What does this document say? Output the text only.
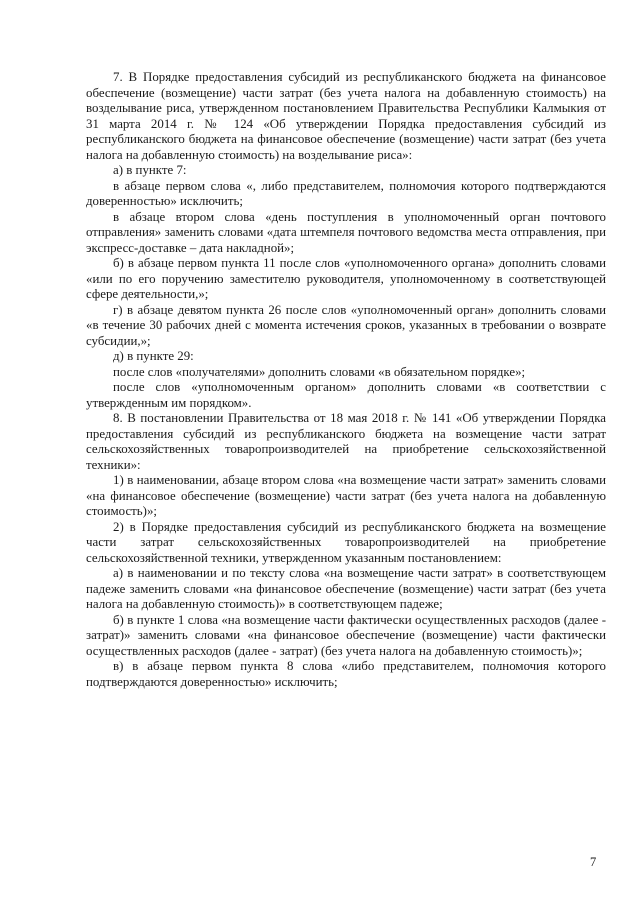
7. В Порядке предоставления субсидий из республиканского бюджета на финансовое обеспечение (возмещение) части затрат (без учета налога на добавленную стоимость) на возделывание риса, утвержденном постановлением Правительства Республики Калмыкия от 31 марта 2014 г. № 124 «Об утверждении Порядка предоставления субсидий из республиканского бюджета на финансовое обеспечение (возмещение) части затрат (без учета налога на добавленную стоимость) на возделывание риса»:

а) в пункте 7:

в абзаце первом слова «, либо представителем, полномочия которого подтверждаются доверенностью» исключить;

в абзаце втором слова «день поступления в уполномоченный орган почтового отправления» заменить словами «дата штемпеля почтового ведомства места отправления, при экспресс-доставке – дата накладной»;

б) в абзаце первом пункта 11 после слов «уполномоченного органа» дополнить словами «или по его поручению заместителю руководителя, уполномоченному в соответствующей сфере деятельности,»;

г) в абзаце девятом пункта 26 после слов «уполномоченный орган» дополнить словами «в течение 30 рабочих дней с момента истечения сроков, указанных в требовании о возврате субсидии,»;

д) в пункте 29:

после слов «получателями» дополнить словами «в обязательном порядке»;

после слов «уполномоченным органом» дополнить словами «в соответствии с утвержденным им порядком».

8. В постановлении Правительства от 18 мая 2018 г. № 141 «Об утверждении Порядка предоставления субсидий из республиканского бюджета на возмещение части затрат сельскохозяйственных товаропроизводителей на приобретение сельскохозяйственной техники»:

1) в наименовании, абзаце втором слова «на возмещение части затрат» заменить словами «на финансовое обеспечение (возмещение) части затрат (без учета налога на добавленную стоимость)»;

2) в Порядке предоставления субсидий из республиканского бюджета на возмещение части затрат сельскохозяйственных товаропроизводителей на приобретение сельскохозяйственной техники, утвержденном указанным постановлением:

а) в наименовании и по тексту слова «на возмещение части затрат» в соответствующем падеже заменить словами «на финансовое обеспечение (возмещение) части затрат (без учета налога на добавленную стоимость)» в соответствующем падеже;

б) в пункте 1 слова «на возмещение части фактически осуществленных расходов (далее - затрат)» заменить словами «на финансовое обеспечение (возмещение) части фактически осуществленных расходов (далее - затрат) (без учета налога на добавленную стоимость)»;

в) в абзаце первом пункта 8 слова «либо представителем, полномочия которого подтверждаются доверенностью» исключить;

7
